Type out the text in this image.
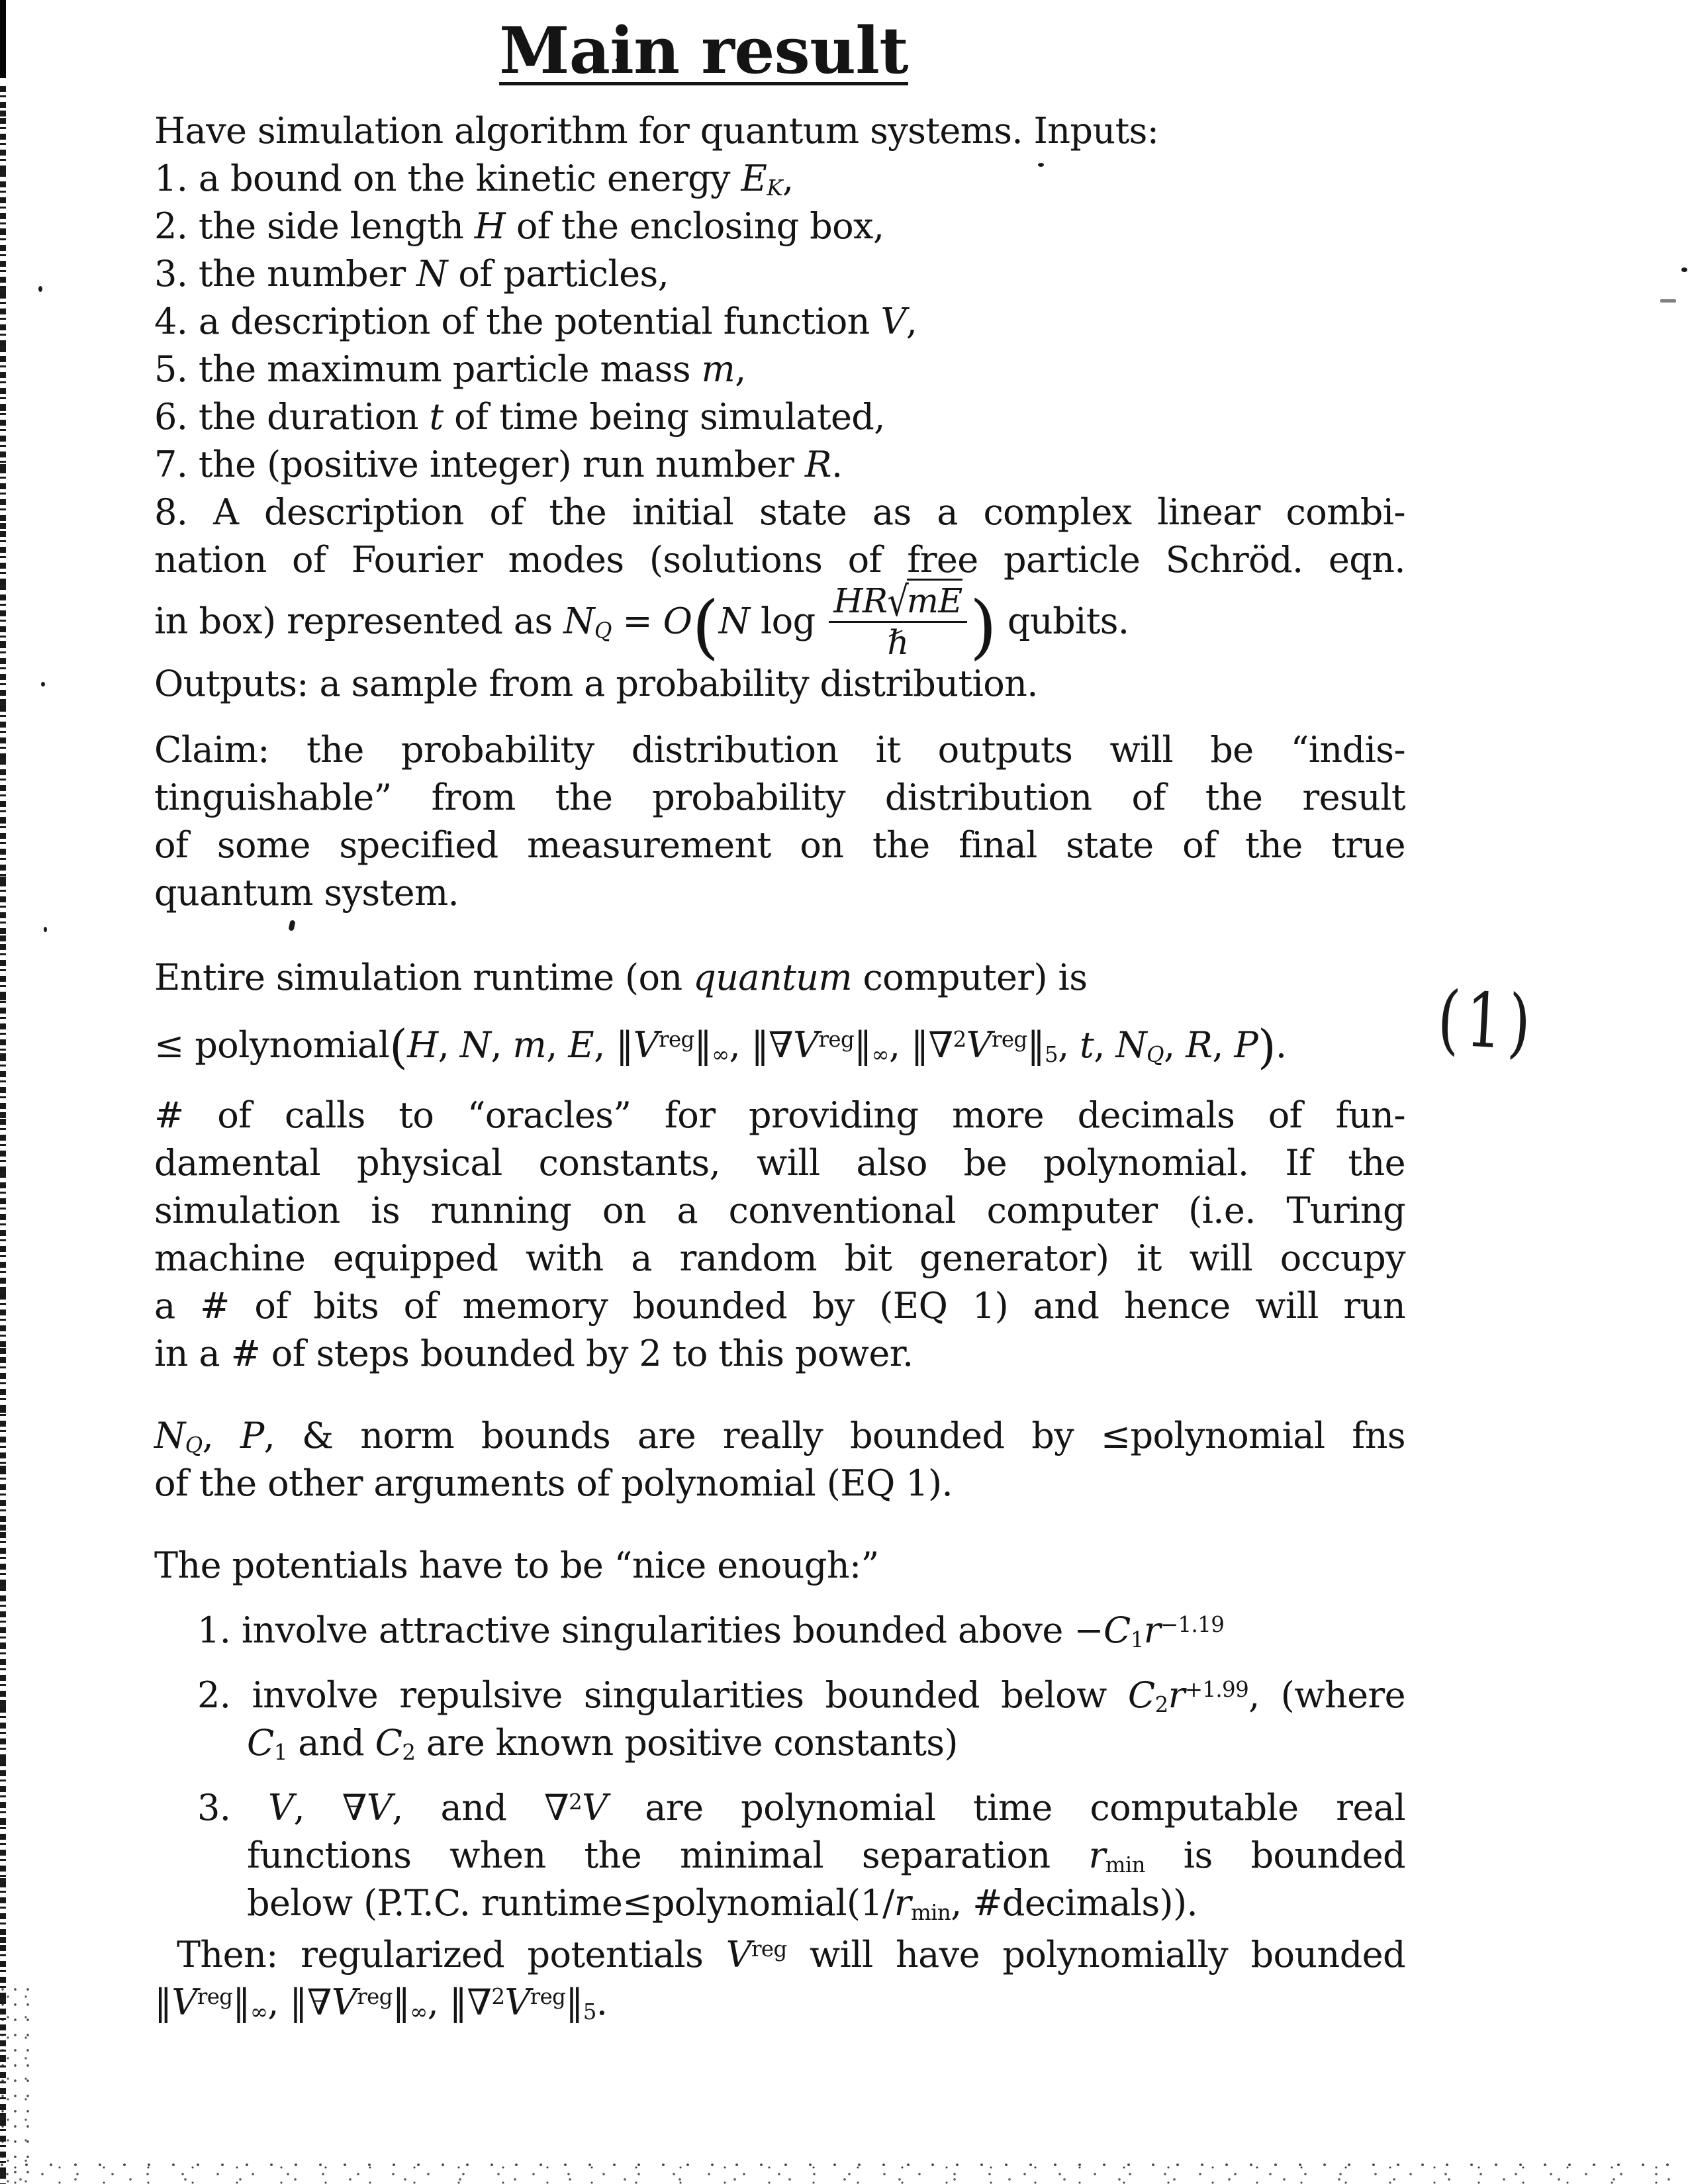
Main result
Have simulation algorithm for quantum systems. Inputs:
1. a bound on the kinetic energy $E_K$,
2. the side length H of the enclosing box,
3. the number N of particles,
4. a description of the potential function V,
5. the maximum particle mass m,
6. the duration t of time being simulated,
7. the (positive integer) run number R.
8. A description of the initial state as a complex linear combi-
nation of Fourier modes (solutions of free particle Schröd. eqn.
in box) represented as $N_Q = O(N$ $\log \frac{HR√mE}{\text{ℏ}}$ ) qubits.
Outputs: a sample from a probability distribution.
Claim: the probability distribution it outputs will be “indis-
tinguishable” from the probability distribution of the result
of some specified measurement on the final state of the true
quantum system.
Entire simulation runtime (on quantum computer) is
≤ polynomial(H, N, m, E, $‖V^{reg}‖_\infty$, $‖\nabla V^{reg}‖_\infty$, $‖\nabla^2V^{reg}‖_5$, t, $N_Q$, R, P).
# of calls to “oracles” for providing more decimals of fun-
damental physical constants, will also be polynomial. If the
simulation is running on a conventional computer (i.e. Turing
machine equipped with a random bit generator) it will occupy
a # of bits of memory bounded by (EQ 1) and hence will run
in a # of steps bounded by 2 to this power.
$N_Q$, P, & norm bounds are really bounded by ≤polynomial fns
of the other arguments of polynomial (EQ 1).
The potentials have to be “nice enough:”
1. involve attractive singularities bounded above $-C_1r^{-1.19}$
2. involve repulsive singularities bounded below $C_2r^{+1.99}$, (where
$C_1$ and $C_2$ are known positive constants)
3. V, ∇V, and ∇$^2$V are polynomial time computable real
functions when the minimal separation $r_{min}$ is bounded
below (P.T.C. $runtime\le polynomial(1/r_{min}$, #decimals)).
Then: regularized potentials $V^{reg}$ will have polynomially bounded
$‖V^{reg}‖_\infty$, $‖\nabla V^{reg}‖_\infty$, $‖\nabla^2V^{reg}‖_5$.
(1)
